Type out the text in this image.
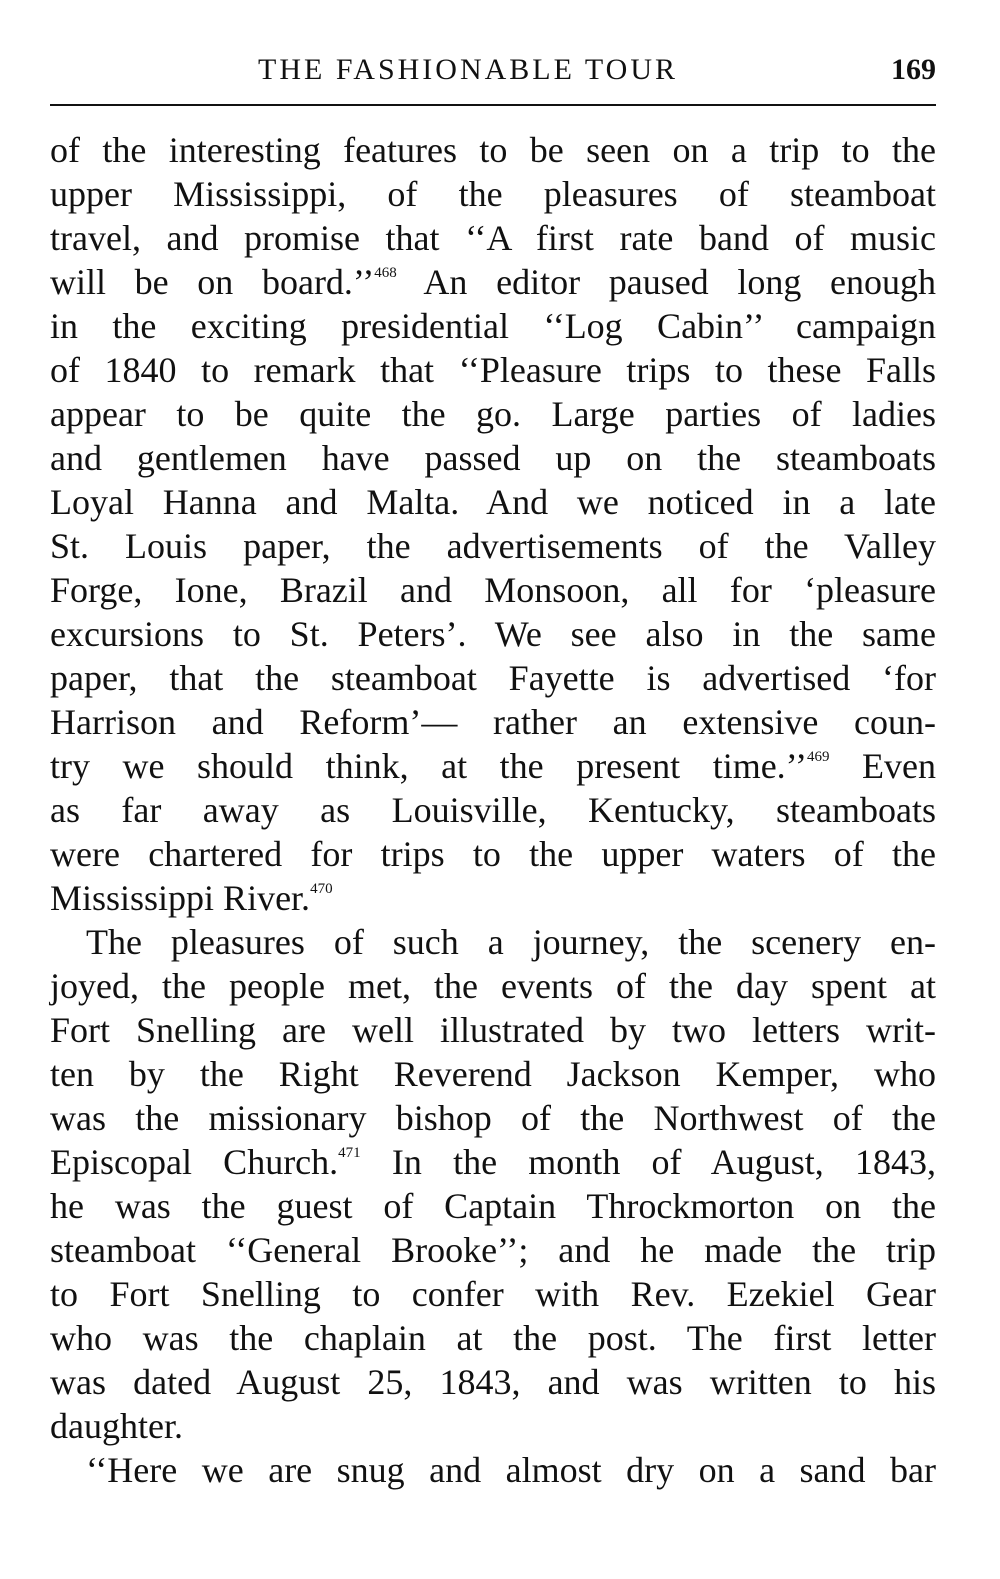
THE FASHIONABLE TOUR	169
of the interesting features to be seen on a trip to the
upper Mississippi, of the pleasures of steamboat
travel, and promise that ‘‘A first rate band of music
will be on board.’’$^{468}$ An editor paused long enough
in the exciting presidential ‘‘Log Cabin’’ campaign
of 1840 to remark that ‘‘Pleasure trips to these Falls
appear to be quite the go. Large parties of ladies
and gentlemen have passed up on the steamboats
Loyal Hanna and Malta. And we noticed in a late
St. Louis paper, the advertisements of the Valley
Forge, Ione, Brazil and Monsoon, all for ‘pleasure
excursions to St. Peters’. We see also in the same
paper, that the steamboat Fayette is advertised ‘for
Harrison and Reform’— rather an extensive coun-
try we should think, at the present time.’’$^{469}$ Even
as far away as Louisville, Kentucky, steamboats
were chartered for trips to the upper waters of the
Mississippi River.$^{470}$
The pleasures of such a journey, the scenery en-
joyed, the people met, the events of the day spent at
Fort Snelling are well illustrated by two letters writ-
ten by the Right Reverend Jackson Kemper, who
was the missionary bishop of the Northwest of the
Episcopal Church.$^{471}$ In the month of August, 1843,
he was the guest of Captain Throckmorton on the
steamboat ‘‘General Brooke’’; and he made the trip
to Fort Snelling to confer with Rev. Ezekiel Gear
who was the chaplain at the post. The first letter
was dated August 25, 1843, and was written to his
daughter.
‘‘Here we are snug and almost dry on a sand bar
